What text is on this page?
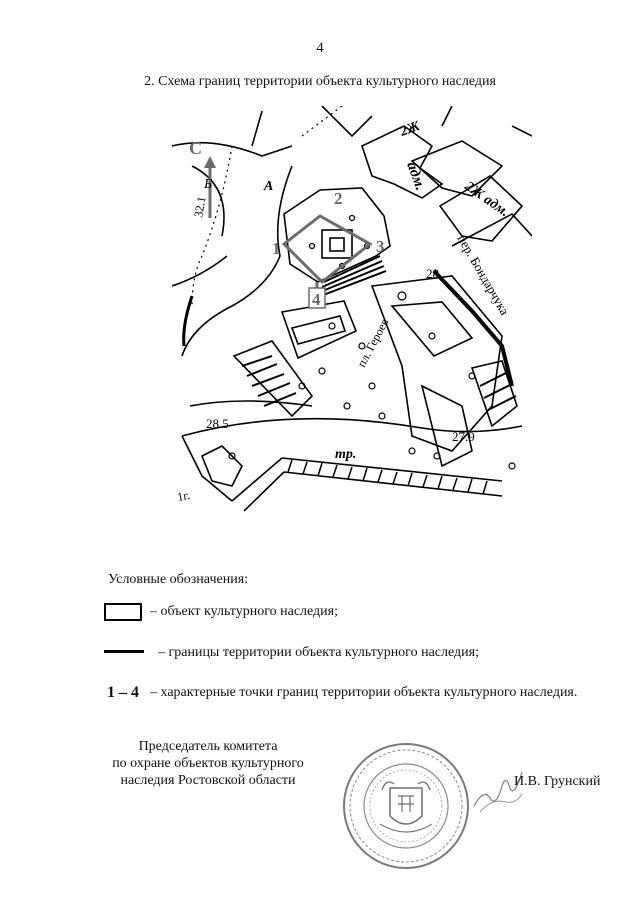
4
2. Схема границ территории объекта культурного наследия
С
1
2
3
4	пер. Бондарчука
пл. Героев
28.
28.5
27.9
2Ж
адм.
2Ж адм.
А
Б
тр.
1г.
32.1
Условные обозначения:
– объект культурного наследия;
– границы территории объекта культурного наследия;
1 – 4 – характерные точки границ территории объекта культурного наследия.
Председатель комитета
по охране объектов культурного
наследия Ростовской области	И.В. Грунский
